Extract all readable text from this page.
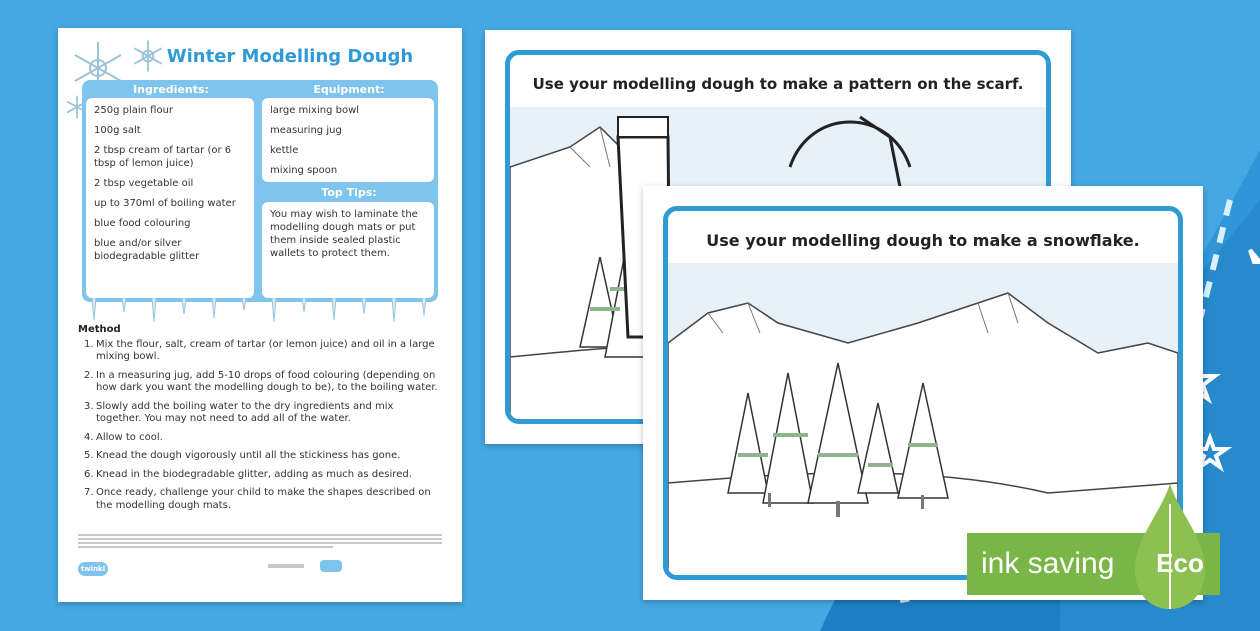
Winter Modelling Dough
Ingredients:	Equipment:
250g plain flour
100g salt
2 tbsp cream of tartar (or 6 tbsp of lemon juice)
2 tbsp vegetable oil
up to 370ml of boiling water
blue food colouring
blue and/or silver biodegradable glitter
large mixing bowl
measuring jug
kettle
mixing spoon
Top Tips:
You may wish to laminate the modelling dough mats or put them inside sealed plastic wallets to protect them.
Method
1. Mix the flour, salt, cream of tartar (or lemon juice) and oil in a large mixing bowl.
2. In a measuring jug, add 5-10 drops of food colouring (depending on how dark you want the modelling dough to be), to the boiling water.
3. Slowly add the boiling water to the dry ingredients and mix together. You may not need to add all of the water.
4. Allow to cool.
5. Knead the dough vigorously until all the stickiness has gone.
6. Knead in the biodegradable glitter, adding as much as desired.
7. Once ready, challenge your child to make the shapes described on the modelling dough mats.
twinkl
Use your modelling dough to make a pattern on the scarf.
Use your modelling dough to make a snowflake.
ink saving	Eco
